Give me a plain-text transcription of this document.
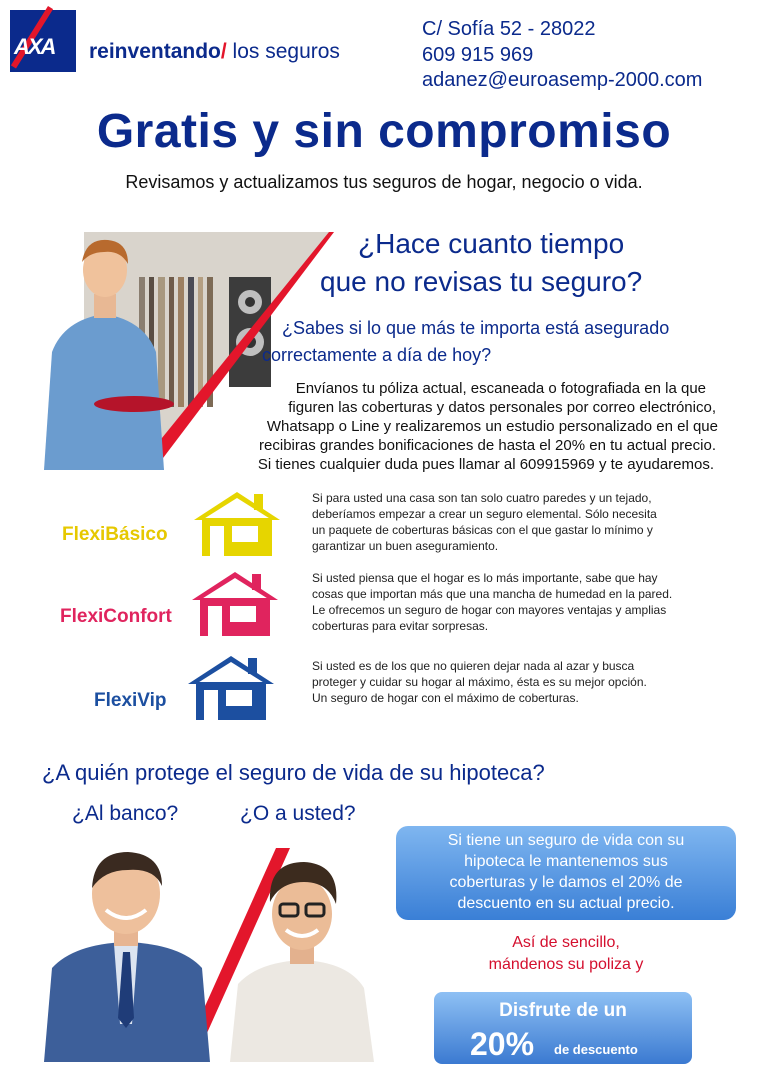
AXA reinventando/ los seguros
C/ Sofía 52 - 28022
609 915 969
adanez@euroasemp-2000.com
Gratis y sin compromiso
Revisamos y actualizamos tus seguros de hogar, negocio o vida.
¿Hace cuanto tiempo
que no revisas tu seguro?
¿Sabes si lo que más te importa está asegurado
correctamente a día de hoy?
Envíanos tu póliza actual, escaneada o fotografiada en la que
figuren las coberturas y datos personales por correo electrónico,
Whatsapp o Line y realizaremos un estudio personalizado en el que
recibiras grandes bonificaciones de hasta el 20% en tu actual precio.
Si tienes cualquier duda pues llamar al 609915969 y te ayudaremos.
FlexiBásico
Si para usted una casa son tan solo cuatro paredes y un tejado,
deberíamos empezar a crear un seguro elemental. Sólo necesita
un paquete de coberturas básicas con el que gastar lo mínimo y
garantizar un buen aseguramiento.
FlexiConfort
Si usted piensa que el hogar es lo más importante, sabe que hay
cosas que importan más que una mancha de humedad en la pared.
Le ofrecemos un seguro de hogar con mayores ventajas y amplias
coberturas para evitar sorpresas.
FlexiVip
Si usted es de los que no quieren dejar nada al azar y busca
proteger y cuidar su hogar al máximo, ésta es su mejor opción.
Un seguro de hogar con el máximo de coberturas.
¿A quién protege el seguro de vida de su hipoteca?
¿Al banco?	¿O a usted?
Si tiene un seguro de vida con su
hipoteca le mantenemos sus
coberturas y le damos el 20% de
descuento en su actual precio.
Así de sencillo,
mándenos su poliza y
Disfrute de un
20% de descuento
